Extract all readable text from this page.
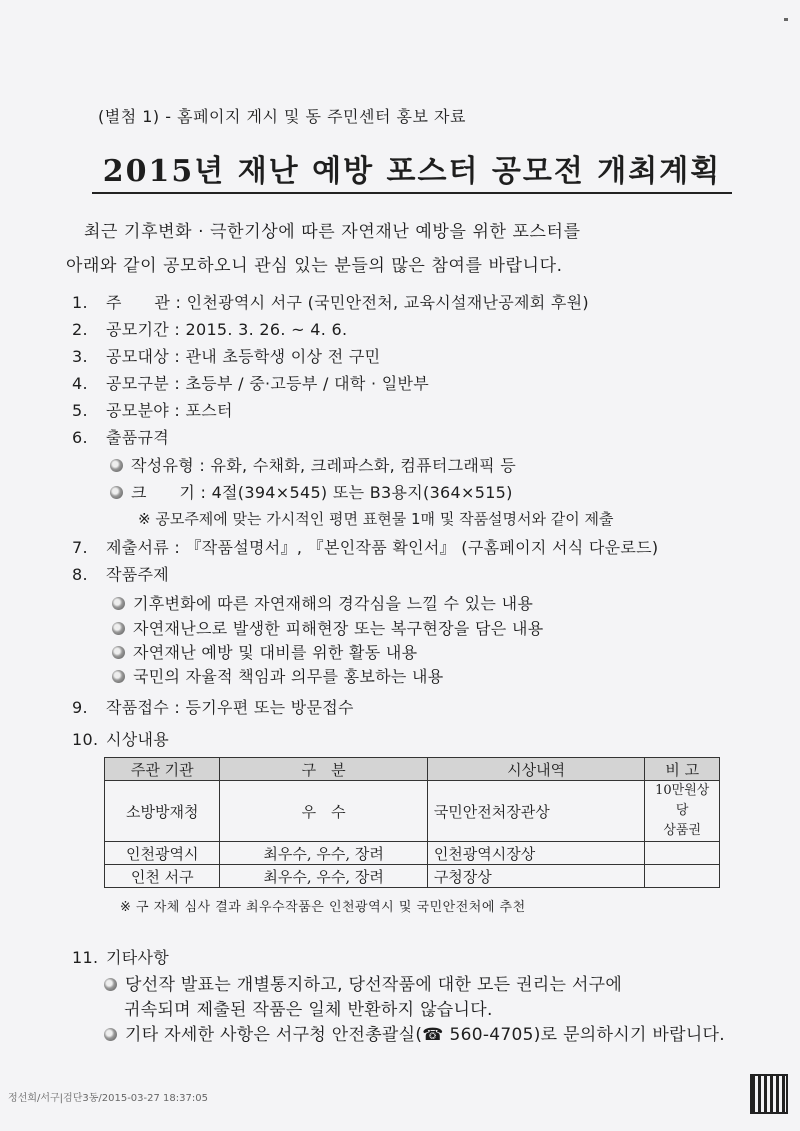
(별첨 1) - 홈페이지 게시 및 동 주민센터 홍보 자료
2015년 재난 예방 포스터 공모전 개최계획
최근 기후변화 · 극한기상에 따른 자연재난 예방을 위한 포스터를
아래와 같이 공모하오니 관심 있는 분들의 많은 참여를 바랍니다.
1. 주　　관 : 인천광역시 서구 (국민안전처, 교육시설재난공제회 후원)
2. 공모기간 : 2015. 3. 26. ~ 4. 6.
3. 공모대상 : 관내 초등학생 이상 전 구민
4. 공모구분 : 초등부 / 중·고등부 / 대학 · 일반부
5. 공모분야 : 포스터
6. 출품규격
작성유형 : 유화, 수채화, 크레파스화, 컴퓨터그래픽 등
크　　기 : 4절(394×545) 또는 B3용지(364×515)
※ 공모주제에 맞는 가시적인 평면 표현물 1매 및 작품설명서와 같이 제출
7. 제출서류 : 『작품설명서』, 『본인작품 확인서』 (구홈페이지 서식 다운로드)
8. 작품주제
기후변화에 따른 자연재해의 경각심을 느낄 수 있는 내용
자연재난으로 발생한 피해현장 또는 복구현장을 담은 내용
자연재난 예방 및 대비를 위한 활동 내용
국민의 자율적 책임과 의무를 홍보하는 내용
9. 작품접수 : 등기우편 또는 방문접수
10. 시상내용
주관 기관	구　분	시상내역	비 고
소방방재청	우　수	국민안전처장관상	10만원상당
상품권

인천광역시	최우수, 우수, 장려	인천광역시장상	
인천 서구	최우수, 우수, 장려	구청장상	
※ 구 자체 심사 결과 최우수작품은 인천광역시 및 국민안전처에 추천
11. 기타사항
당선작 발표는 개별통지하고, 당선작품에 대한 모든 권리는 서구에
귀속되며 제출된 작품은 일체 반환하지 않습니다.
기타 자세한 사항은 서구청 안전총괄실(☎ 560-4705)로 문의하시기 바랍니다.
정선희/서구|검단3동/2015-03-27 18:37:05
